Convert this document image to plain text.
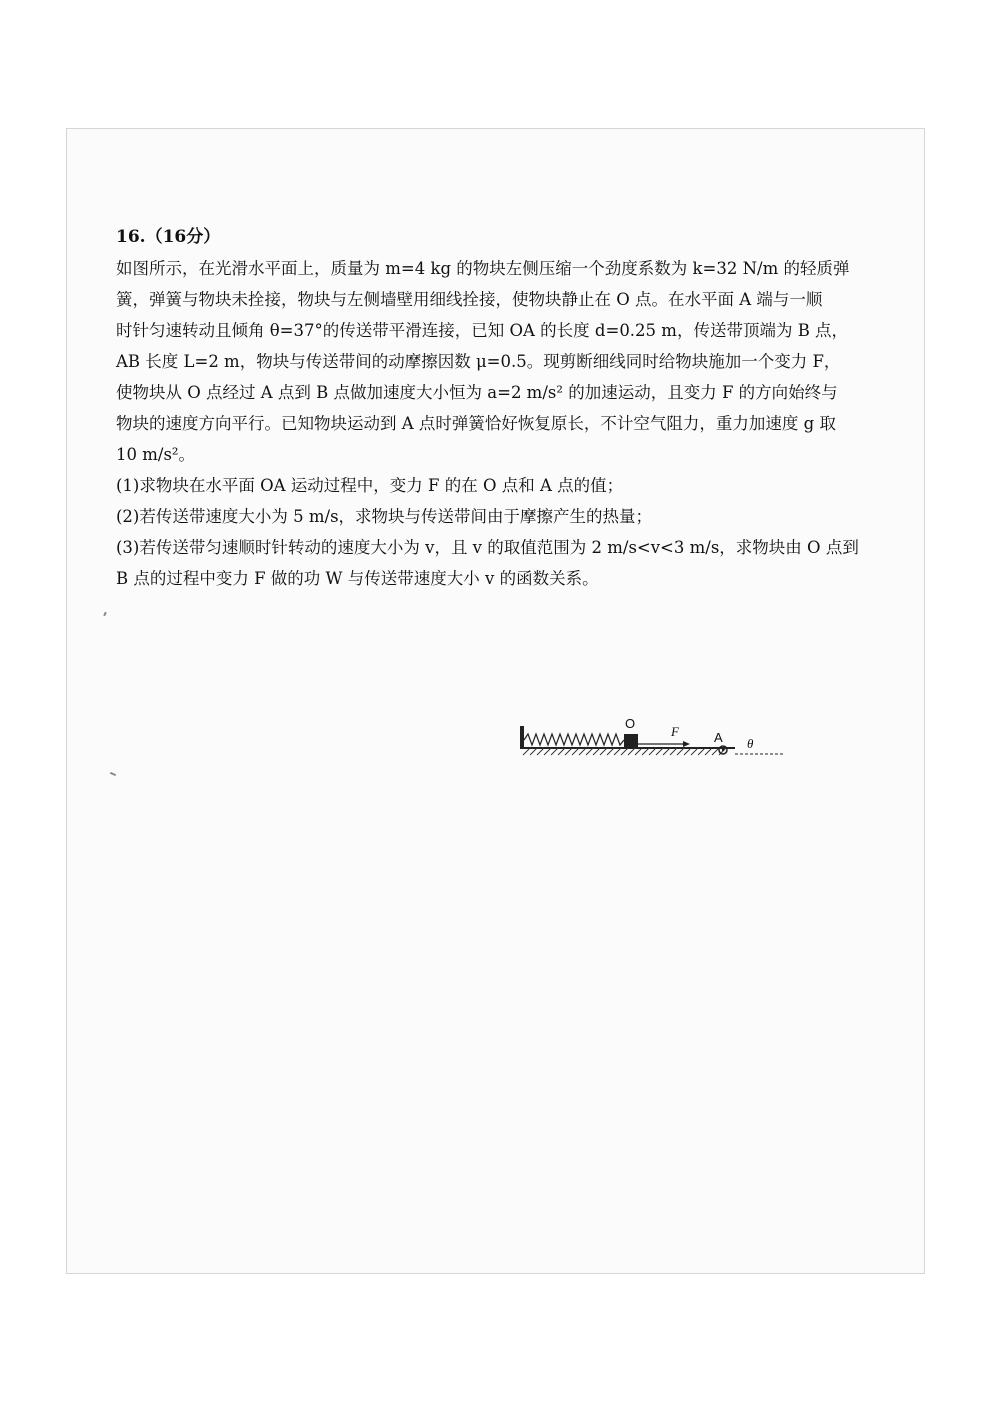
16.（16分）
如图所示，在光滑水平面上，质量为 m=4 kg 的物块左侧压缩一个劲度系数为 k=32 N/m 的轻质弹
簧，弹簧与物块未拴接，物块与左侧墙壁用细线拴接，使物块静止在 O 点。在水平面 A 端与一顺
时针匀速转动且倾角 θ=37°的传送带平滑连接，已知 OA 的长度 d=0.25 m，传送带顶端为 B 点，
AB 长度 L=2 m，物块与传送带间的动摩擦因数 μ=0.5。现剪断细线同时给物块施加一个变力 F，
使物块从 O 点经过 A 点到 B 点做加速度大小恒为 a=2 m/s² 的加速运动，且变力 F 的方向始终与
物块的速度方向平行。已知物块运动到 A 点时弹簧恰好恢复原长，不计空气阻力，重力加速度 g 取
10 m/s²。
(1)求物块在水平面 OA 运动过程中，变力 F 的在 O 点和 A 点的值；
(2)若传送带速度大小为 5 m/s，求物块与传送带间由于摩擦产生的热量；
(3)若传送带匀速顺时针转动的速度大小为 v，且 v 的取值范围为 2 m/s<v<3 m/s，求物块由 O 点到
B 点的过程中变力 F 做的功 W 与传送带速度大小 v 的函数关系。
O
F	A θ
